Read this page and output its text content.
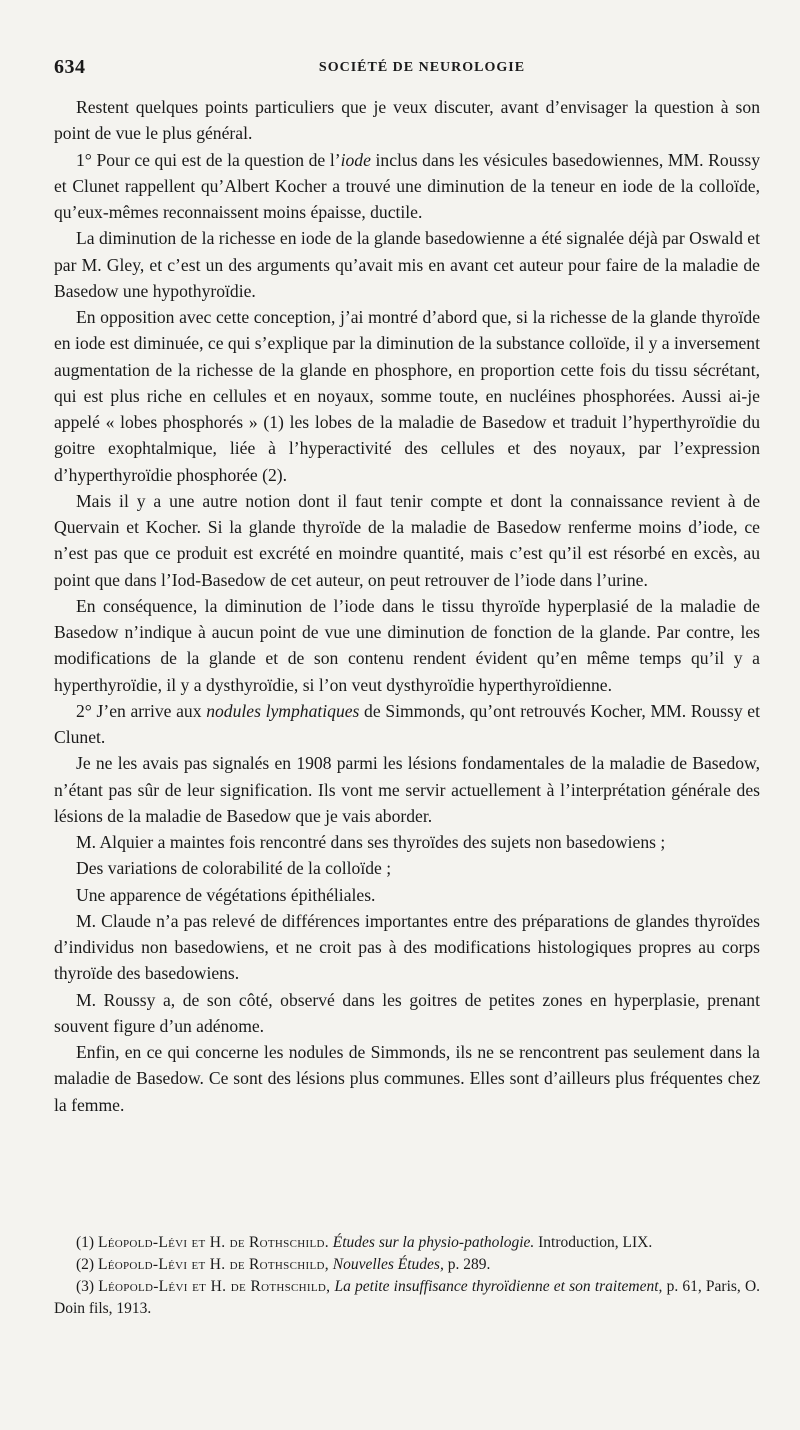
634	SOCIÉTÉ DE NEUROLOGIE

Restent quelques points particuliers que je veux discuter, avant d’envisager la question à son point de vue le plus général.

1° Pour ce qui est de la question de l’iode inclus dans les vésicules basedowiennes, MM. Roussy et Clunet rappellent qu’Albert Kocher a trouvé une diminution de la teneur en iode de la colloïde, qu’eux-mêmes reconnaissent moins épaisse, ductile.

La diminution de la richesse en iode de la glande basedowienne a été signalée déjà par Oswald et par M. Gley, et c’est un des arguments qu’avait mis en avant cet auteur pour faire de la maladie de Basedow une hypothyroïdie.

En opposition avec cette conception, j’ai montré d’abord que, si la richesse de la glande thyroïde en iode est diminuée, ce qui s’explique par la diminution de la substance colloïde, il y a inversement augmentation de la richesse de la glande en phosphore, en proportion cette fois du tissu sécrétant, qui est plus riche en cellules et en noyaux, somme toute, en nucléines phosphorées. Aussi ai-je appelé « lobes phosphorés » (1) les lobes de la maladie de Basedow et traduit l’hyperthyroïdie du goitre exophtalmique, liée à l’hyperactivité des cellules et des noyaux, par l’expression d’hyperthyroïdie phosphorée (2).

Mais il y a une autre notion dont il faut tenir compte et dont la connaissance revient à de Quervain et Kocher. Si la glande thyroïde de la maladie de Basedow renferme moins d’iode, ce n’est pas que ce produit est excrété en moindre quantité, mais c’est qu’il est résorbé en excès, au point que dans l’Iod-Basedow de cet auteur, on peut retrouver de l’iode dans l’urine.

En conséquence, la diminution de l’iode dans le tissu thyroïde hyperplasié de la maladie de Basedow n’indique à aucun point de vue une diminution de fonction de la glande. Par contre, les modifications de la glande et de son contenu rendent évident qu’en même temps qu’il y a hyperthyroïdie, il y a dysthyroïdie, si l’on veut dysthyroïdie hyperthyroïdienne.

2° J’en arrive aux nodules lymphatiques de Simmonds, qu’ont retrouvés Kocher, MM. Roussy et Clunet.

Je ne les avais pas signalés en 1908 parmi les lésions fondamentales de la maladie de Basedow, n’étant pas sûr de leur signification. Ils vont me servir actuellement à l’interprétation générale des lésions de la maladie de Basedow que je vais aborder.

M. Alquier a maintes fois rencontré dans ses thyroïdes des sujets non basedowiens ;

Des variations de colorabilité de la colloïde ;

Une apparence de végétations épithéliales.

M. Claude n’a pas relevé de différences importantes entre des préparations de glandes thyroïdes d’individus non basedowiens, et ne croit pas à des modifications histologiques propres au corps thyroïde des basedowiens.

M. Roussy a, de son côté, observé dans les goitres de petites zones en hyperplasie, prenant souvent figure d’un adénome.

Enfin, en ce qui concerne les nodules de Simmonds, ils ne se rencontrent pas seulement dans la maladie de Basedow. Ce sont des lésions plus communes. Elles sont d’ailleurs plus fréquentes chez la femme.

(1) Léopold-Lévi et H. de Rothschild. Études sur la physio-pathologie. Introduction, LIX.

(2) Léopold-Lévi et H. de Rothschild, Nouvelles Études, p. 289.

(3) Léopold-Lévi et H. de Rothschild, La petite insuffisance thyroïdienne et son traitement, p. 61, Paris, O. Doin fils, 1913.
